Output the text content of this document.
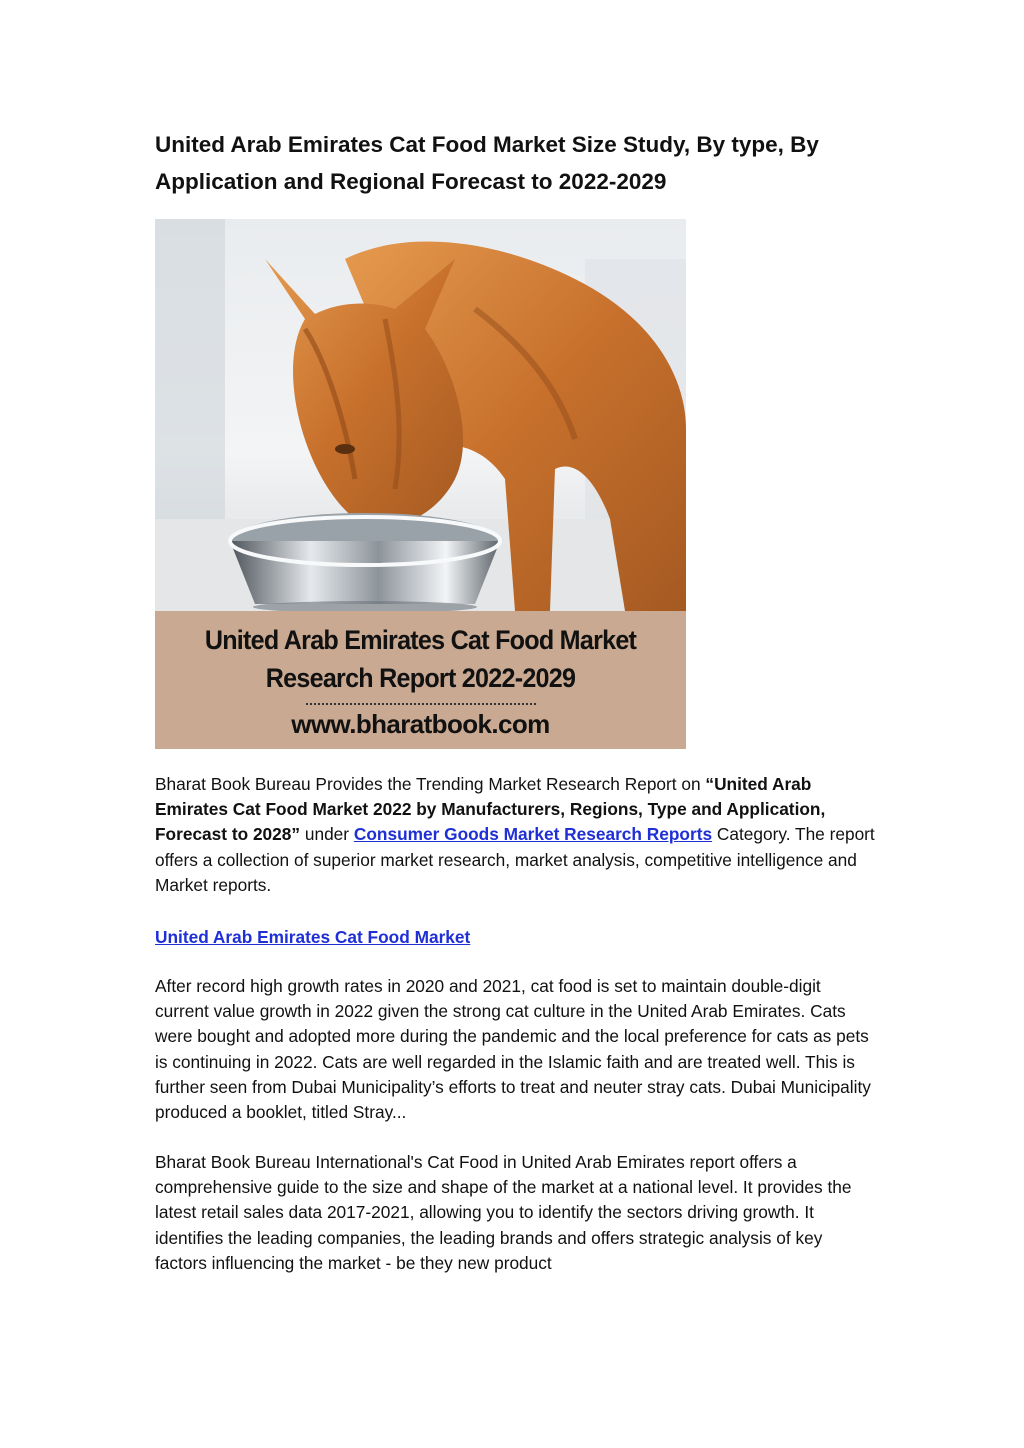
United Arab Emirates Cat Food Market Size Study, By type, By Application and Regional Forecast to 2022-2029
United Arab Emirates Cat Food Market Research Report 2022-2029
www.bharatbook.com

Bharat Book Bureau Provides the Trending Market Research Report on “United Arab Emirates Cat Food Market 2022 by Manufacturers, Regions, Type and Application, Forecast to 2028” under Consumer Goods Market Research Reports Category. The report offers a collection of superior market research, market analysis, competitive intelligence and Market reports.

United Arab Emirates Cat Food Market

After record high growth rates in 2020 and 2021, cat food is set to maintain double-digit current value growth in 2022 given the strong cat culture in the United Arab Emirates. Cats were bought and adopted more during the pandemic and the local preference for cats as pets is continuing in 2022. Cats are well regarded in the Islamic faith and are treated well. This is further seen from Dubai Municipality’s efforts to treat and neuter stray cats. Dubai Municipality produced a booklet, titled Stray...

Bharat Book Bureau International's Cat Food in United Arab Emirates report offers a comprehensive guide to the size and shape of the market at a national level. It provides the latest retail sales data 2017-2021, allowing you to identify the sectors driving growth. It identifies the leading companies, the leading brands and offers strategic analysis of key factors influencing the market - be they new product
